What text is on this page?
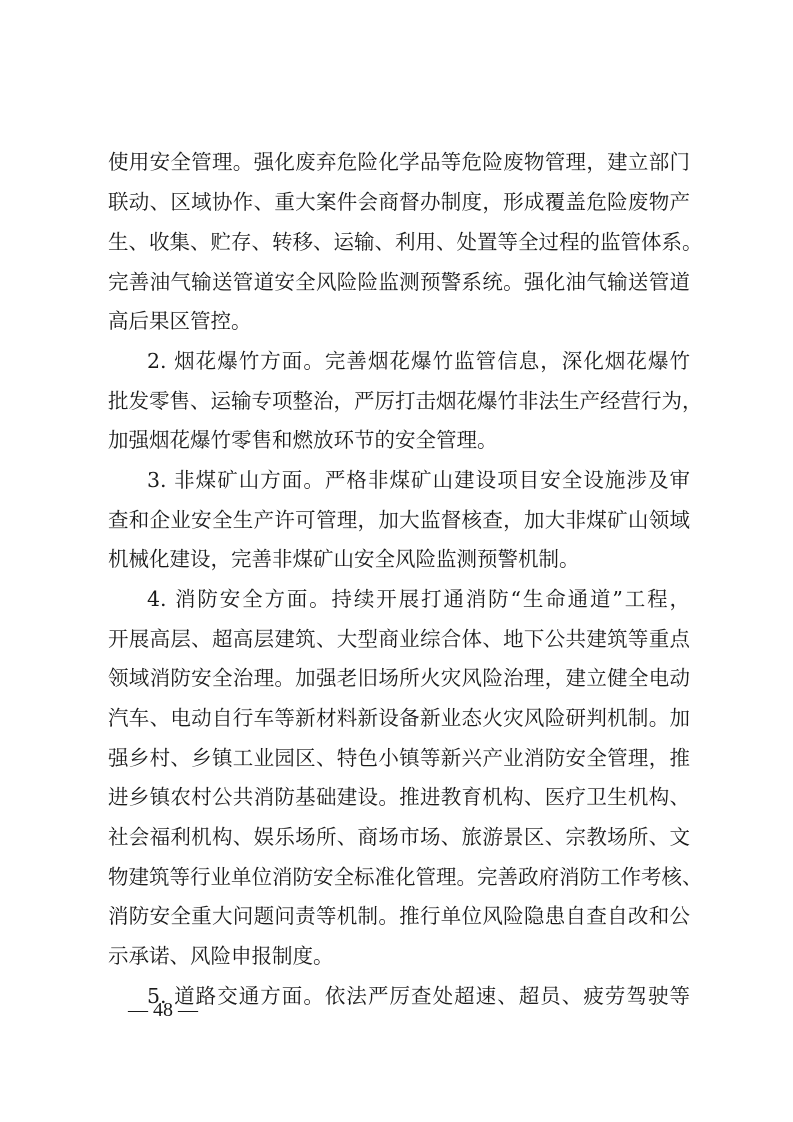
使用安全管理。强化废弃危险化学品等危险废物管理，建立部门
联动、区域协作、重大案件会商督办制度，形成覆盖危险废物产
生、收集、贮存、转移、运输、利用、处置等全过程的监管体系。
完善油气输送管道安全风险险监测预警系统。强化油气输送管道
高后果区管控。
2. 烟花爆竹方面。完善烟花爆竹监管信息，深化烟花爆竹
批发零售、运输专项整治，严厉打击烟花爆竹非法生产经营行为，
加强烟花爆竹零售和燃放环节的安全管理。
3. 非煤矿山方面。严格非煤矿山建设项目安全设施涉及审
查和企业安全生产许可管理，加大监督核查，加大非煤矿山领域
机械化建设，完善非煤矿山安全风险监测预警机制。
4. 消防安全方面。持续开展打通消防“生命通道”工程，
开展高层、超高层建筑、大型商业综合体、地下公共建筑等重点
领域消防安全治理。加强老旧场所火灾风险治理，建立健全电动
汽车、电动自行车等新材料新设备新业态火灾风险研判机制。加
强乡村、乡镇工业园区、特色小镇等新兴产业消防安全管理，推
进乡镇农村公共消防基础建设。推进教育机构、医疗卫生机构、
社会福利机构、娱乐场所、商场市场、旅游景区、宗教场所、文
物建筑等行业单位消防安全标准化管理。完善政府消防工作考核、
消防安全重大问题问责等机制。推行单位风险隐患自查自改和公
示承诺、风险申报制度。
5. 道路交通方面。依法严厉查处超速、超员、疲劳驾驶等
— 48 —
